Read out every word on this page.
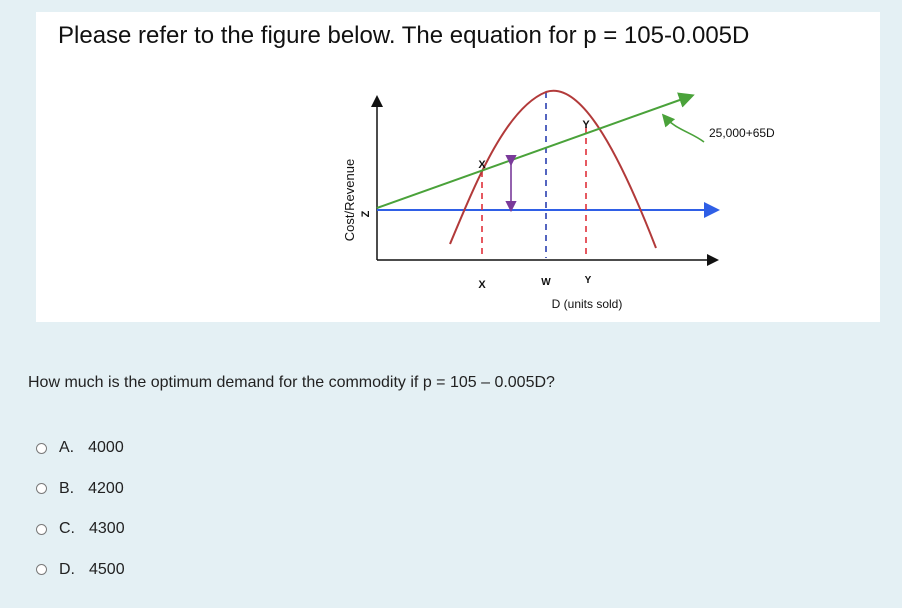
Please refer to the figure below. The equation for p = 105-0.005D
Cost/Revenue Z
X
Y
X	W	Y
D (units sold)
25,000+65D
How much is the optimum demand for the commodity if p = 105 – 0.005D?
A. 4000
B. 4200
C. 4300
D. 4500
